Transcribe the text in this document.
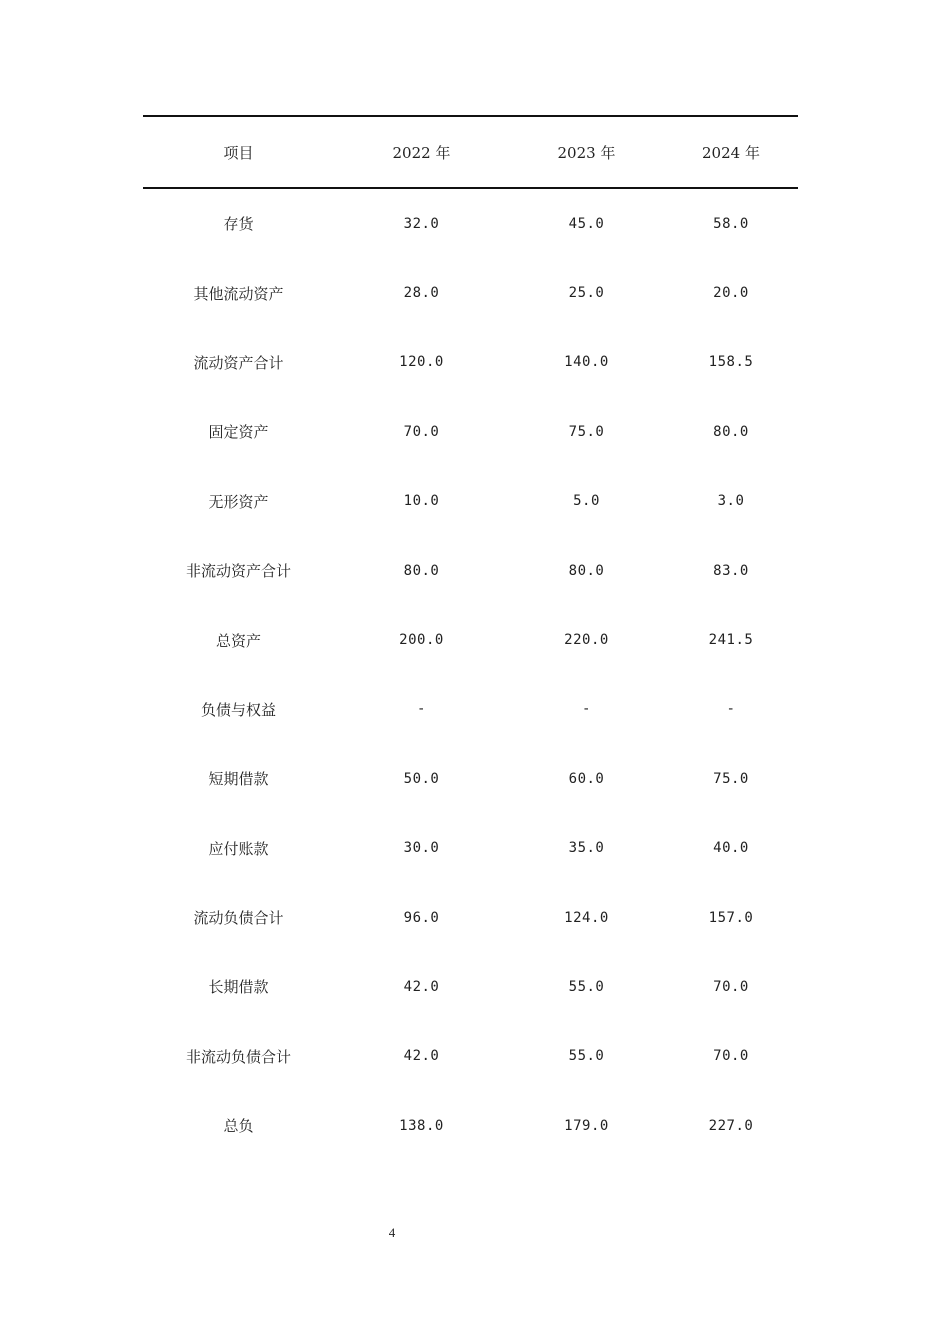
项目	2022 年	2023 年	2024 年
存货	32.0	45.0	58.0
其他流动资产	28.0	25.0	20.0
流动资产合计	120.0	140.0	158.5
固定资产	70.0	75.0	80.0
无形资产	10.0	5.0	3.0
非流动资产合计	80.0	80.0	83.0
总资产	200.0	220.0	241.5
负债与权益	-	-	-
短期借款	50.0	60.0	75.0
应付账款	30.0	35.0	40.0
流动负债合计	96.0	124.0	157.0
长期借款	42.0	55.0	70.0
非流动负债合计	42.0	55.0	70.0
总负	138.0	179.0	227.0
4
